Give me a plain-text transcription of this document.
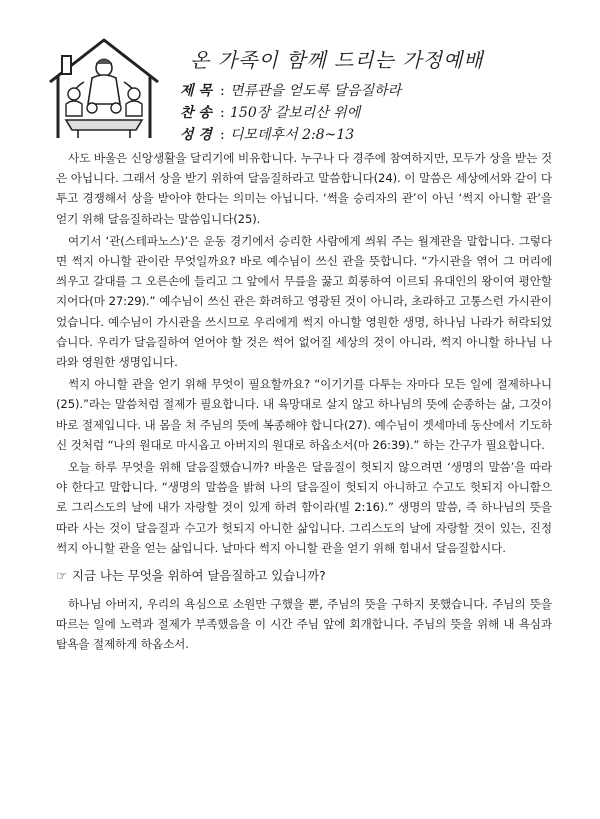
온 가족이 함께 드리는 가정예배
제 목 : 면류관을 얻도록 달음질하라
찬 송 : 150장 갈보리산 위에
성 경 : 디모데후서 2:8~13

사도 바울은 신앙생활을 달리기에 비유합니다. 누구나 다 경주에 참여하지만, 모두가 상을 받는 것은 아닙니다. 그래서 상을 받기 위하여 달음질하라고 말씀합니다(24). 이 말씀은 세상에서와 같이 다투고 경쟁해서 상을 받아야 한다는 의미는 아닙니다. ‘썩을 승리자의 관’이 아닌 ‘썩지 아니할 관’을 얻기 위해 달음질하라는 말씀입니다(25).

여기서 ‘관(스테파노스)’은 운동 경기에서 승리한 사람에게 씌워 주는 월계관을 말합니다. 그렇다면 썩지 아니할 관이란 무엇일까요? 바로 예수님이 쓰신 관을 뜻합니다. “가시관을 엮어 그 머리에 씌우고 갈대를 그 오른손에 들리고 그 앞에서 무릎을 꿇고 희롱하여 이르되 유대인의 왕이여 평안할지어다(마 27:29).” 예수님이 쓰신 관은 화려하고 영광된 것이 아니라, 초라하고 고통스런 가시관이었습니다. 예수님이 가시관을 쓰시므로 우리에게 썩지 아니할 영원한 생명, 하나님 나라가 허락되었습니다. 우리가 달음질하여 얻어야 할 것은 썩어 없어질 세상의 것이 아니라, 썩지 아니할 하나님 나라와 영원한 생명입니다.

썩지 아니할 관을 얻기 위해 무엇이 필요할까요? “이기기를 다투는 자마다 모든 일에 절제하나니(25).”라는 말씀처럼 절제가 필요합니다. 내 육망대로 살지 않고 하나님의 뜻에 순종하는 삶, 그것이 바로 절제입니다. 내 몸을 쳐 주님의 뜻에 복종해야 합니다(27). 예수님이 겟세마네 동산에서 기도하신 것처럼 “나의 원대로 마시옵고 아버지의 원대로 하옵소서(마 26:39).” 하는 간구가 필요합니다.

오늘 하루 무엇을 위해 달음질했습니까? 바울은 달음질이 헛되지 않으려면 ‘생명의 말씀’을 따라야 한다고 말합니다. “생명의 말씀을 밝혀 나의 달음질이 헛되지 아니하고 수고도 헛되지 아니함으로 그리스도의 날에 내가 자랑할 것이 있게 하려 함이라(빌 2:16).” 생명의 말씀, 즉 하나님의 뜻을 따라 사는 것이 달음질과 수고가 헛되지 아니한 삶입니다. 그리스도의 날에 자랑할 것이 있는, 진정 썩지 아니할 관을 얻는 삶입니다. 날마다 썩지 아니할 관을 얻기 위해 힘내서 달음질합시다.

☞ 지금 나는 무엇을 위하여 달음질하고 있습니까?

하나님 아버지, 우리의 욕심으로 소원만 구했을 뿐, 주님의 뜻을 구하지 못했습니다. 주님의 뜻을 따르는 일에 노력과 절제가 부족했음을 이 시간 주님 앞에 회개합니다. 주님의 뜻을 위해 내 욕심과 탐욕을 절제하게 하옵소서.
